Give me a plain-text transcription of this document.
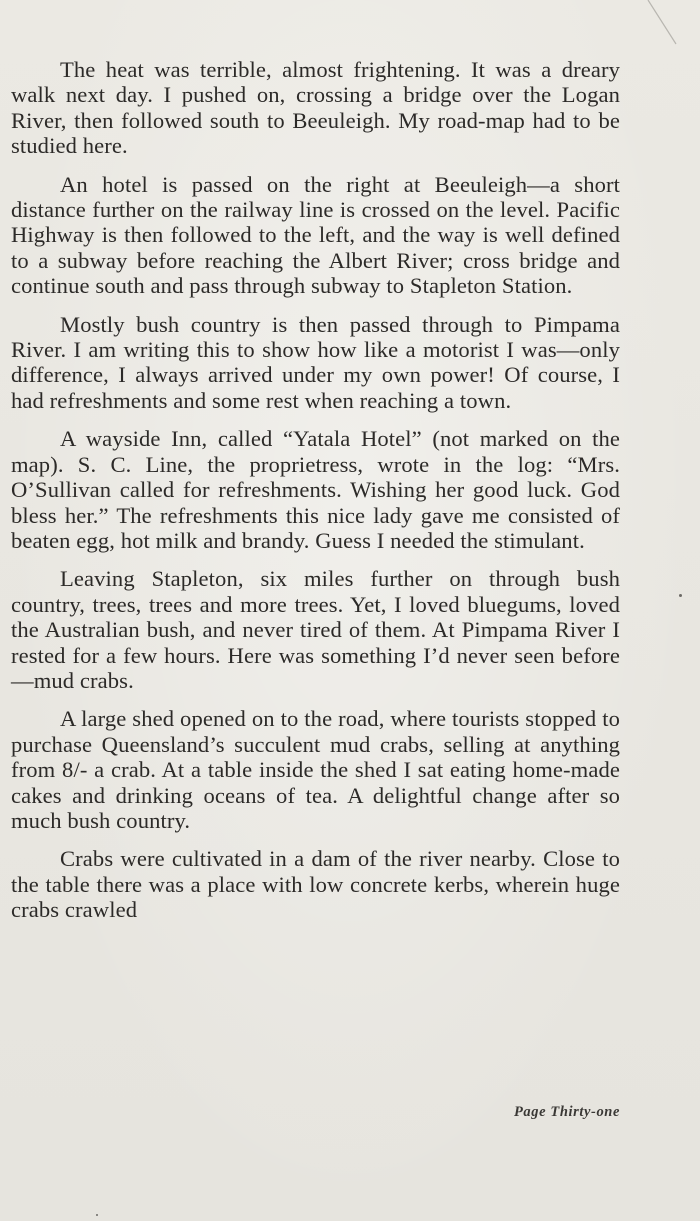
The heat was terrible, almost frightening. It was a dreary walk next day. I pushed on, crossing a bridge over the Logan River, then followed south to Beeuleigh. My road-map had to be studied here.

An hotel is passed on the right at Beeuleigh—a short distance further on the railway line is crossed on the level. Pacific Highway is then followed to the left, and the way is well defined to a subway before reaching the Albert River; cross bridge and continue south and pass through subway to Stapleton Station.

Mostly bush country is then passed through to Pimpama River. I am writing this to show how like a motorist I was—only difference, I always arrived under my own power! Of course, I had refreshments and some rest when reaching a town.

A wayside Inn, called “Yatala Hotel” (not marked on the map). S. C. Line, the proprietress, wrote in the log: “Mrs. O’Sullivan called for refreshments. Wishing her good luck. God bless her.” The refreshments this nice lady gave me consisted of beaten egg, hot milk and brandy. Guess I needed the stimulant.

Leaving Stapleton, six miles further on through bush country, trees, trees and more trees. Yet, I loved bluegums, loved the Australian bush, and never tired of them. At Pimpama River I rested for a few hours. Here was something I’d never seen before —mud crabs.

A large shed opened on to the road, where tourists stopped to purchase Queensland’s succulent mud crabs, selling at anything from 8/- a crab. At a table inside the shed I sat eating home-made cakes and drinking oceans of tea. A delightful change after so much bush country.

Crabs were cultivated in a dam of the river nearby. Close to the table there was a place with low concrete kerbs, wherein huge crabs crawled

Page Thirty-one
